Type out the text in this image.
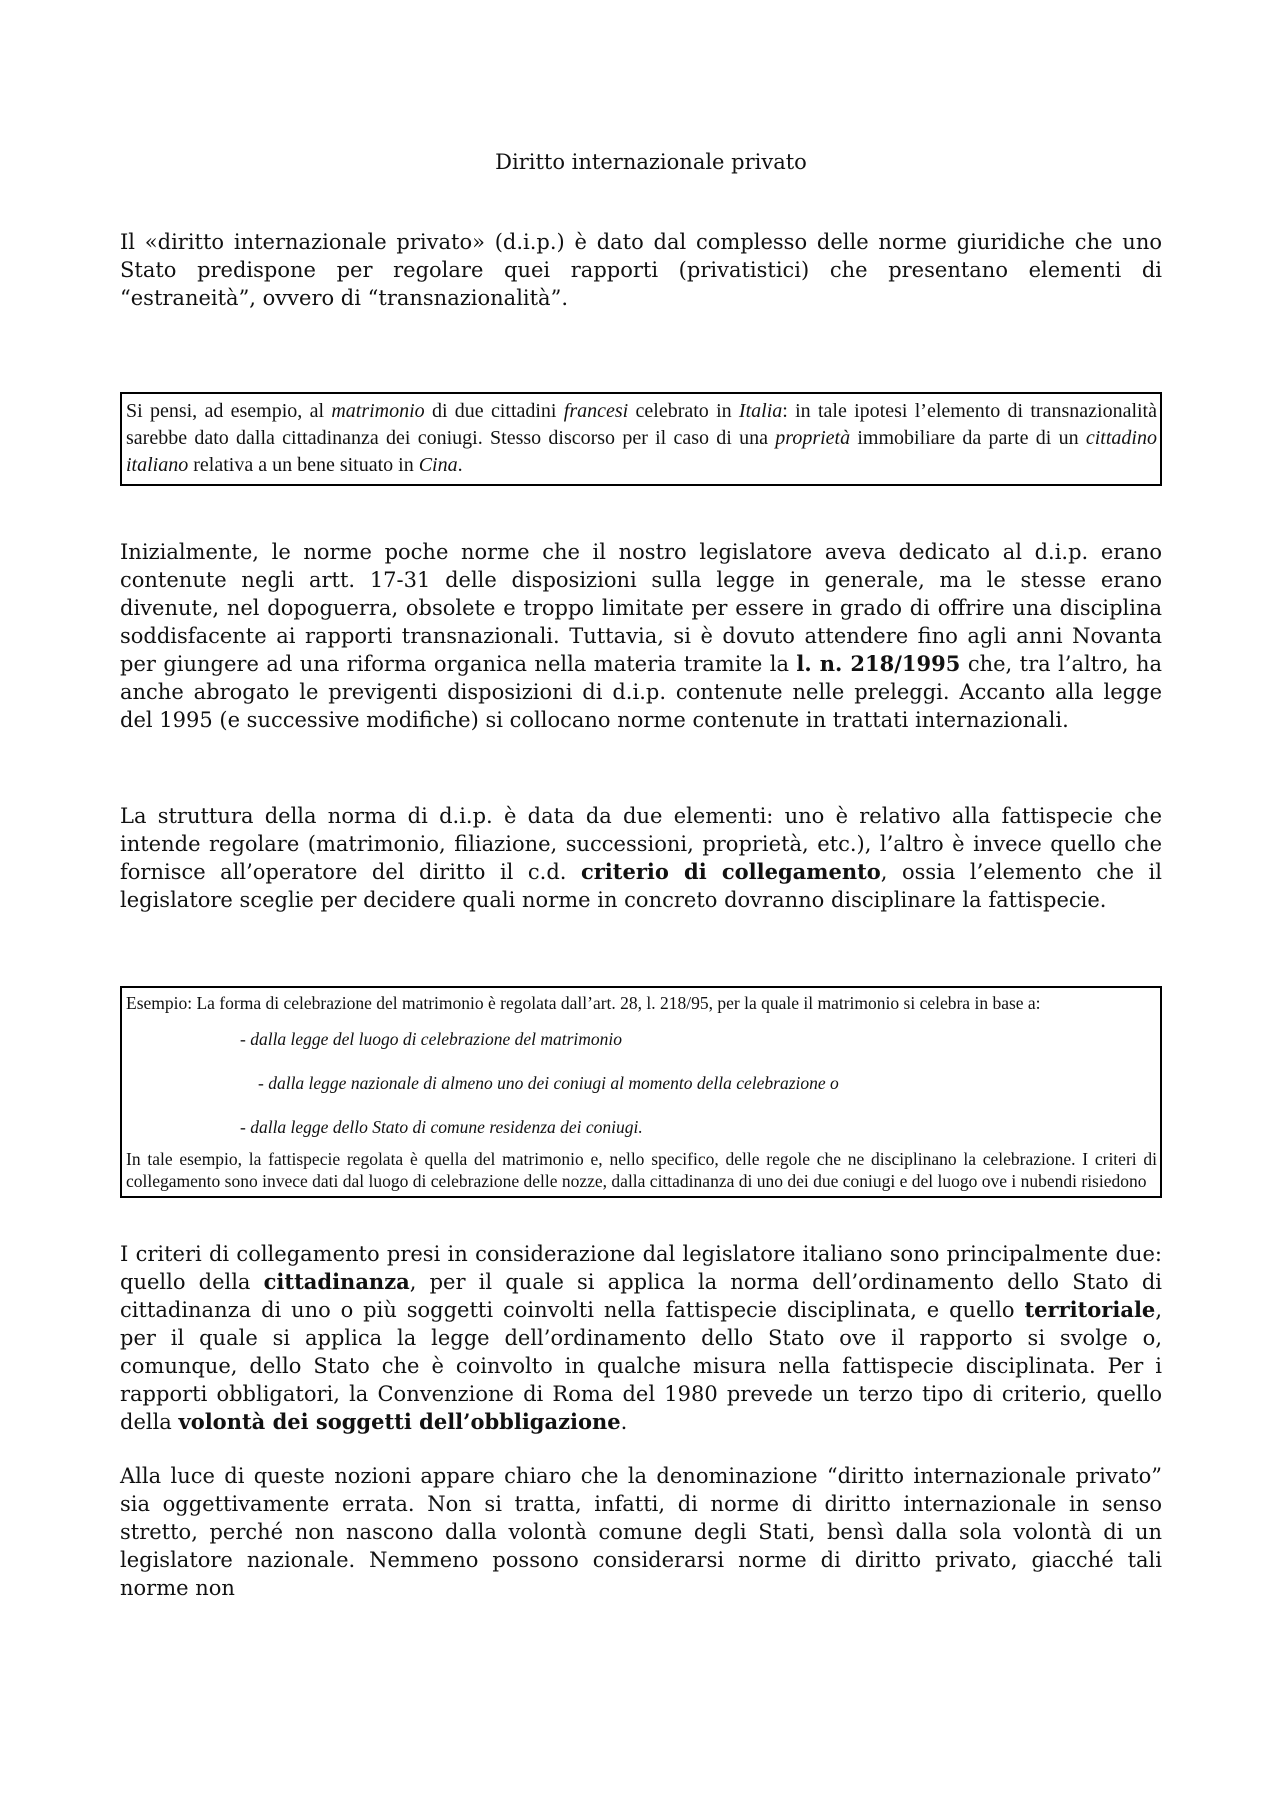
Diritto internazionale privato

Il «diritto internazionale privato» (d.i.p.) è dato dal complesso delle norme giuridiche che uno Stato predispone per regolare quei rapporti (privatistici) che presentano elementi di “estraneità”, ovvero di “transnazionalità”.

Si pensi, ad esempio, al matrimonio di due cittadini francesi celebrato in Italia: in tale ipotesi l’elemento di transnazionalità sarebbe dato dalla cittadinanza dei coniugi. Stesso discorso per il caso di una proprietà immobiliare da parte di un cittadino italiano relativa a un bene situato in Cina.

Inizialmente, le norme poche norme che il nostro legislatore aveva dedicato al d.i.p. erano contenute negli artt. 17-31 delle disposizioni sulla legge in generale, ma le stesse erano divenute, nel dopoguerra, obsolete e troppo limitate per essere in grado di offrire una disciplina soddisfacente ai rapporti transnazionali. Tuttavia, si è dovuto attendere fino agli anni Novanta per giungere ad una riforma organica nella materia tramite la l. n. 218/1995 che, tra l’altro, ha anche abrogato le previgenti disposizioni di d.i.p. contenute nelle preleggi. Accanto alla legge del 1995 (e successive modifiche) si collocano norme contenute in trattati internazionali.

La struttura della norma di d.i.p. è data da due elementi: uno è relativo alla fattispecie che intende regolare (matrimonio, filiazione, successioni, proprietà, etc.), l’altro è invece quello che fornisce all’operatore del diritto il c.d. criterio di collegamento, ossia l’elemento che il legislatore sceglie per decidere quali norme in concreto dovranno disciplinare la fattispecie.

Esempio: La forma di celebrazione del matrimonio è regolata dall’art. 28, l. 218/95, per la quale il matrimonio si celebra in base a:

- dalla legge del luogo di celebrazione del matrimonio
- dalla legge nazionale di almeno uno dei coniugi al momento della celebrazione o
- dalla legge dello Stato di comune residenza dei coniugi.

In tale esempio, la fattispecie regolata è quella del matrimonio e, nello specifico, delle regole che ne disciplinano la celebrazione. I criteri di collegamento sono invece dati dal luogo di celebrazione delle nozze, dalla cittadinanza di uno dei due coniugi e del luogo ove i nubendi risiedono

I criteri di collegamento presi in considerazione dal legislatore italiano sono principalmente due: quello della cittadinanza, per il quale si applica la norma dell’ordinamento dello Stato di cittadinanza di uno o più soggetti coinvolti nella fattispecie disciplinata, e quello territoriale, per il quale si applica la legge dell’ordinamento dello Stato ove il rapporto si svolge o, comunque, dello Stato che è coinvolto in qualche misura nella fattispecie disciplinata. Per i rapporti obbligatori, la Convenzione di Roma del 1980 prevede un terzo tipo di criterio, quello della volontà dei soggetti dell’obbligazione.

Alla luce di queste nozioni appare chiaro che la denominazione “diritto internazionale privato” sia oggettivamente errata. Non si tratta, infatti, di norme di diritto internazionale in senso stretto, perché non nascono dalla volontà comune degli Stati, bensì dalla sola volontà di un legislatore nazionale. Nemmeno possono considerarsi norme di diritto privato, giacché tali norme non
